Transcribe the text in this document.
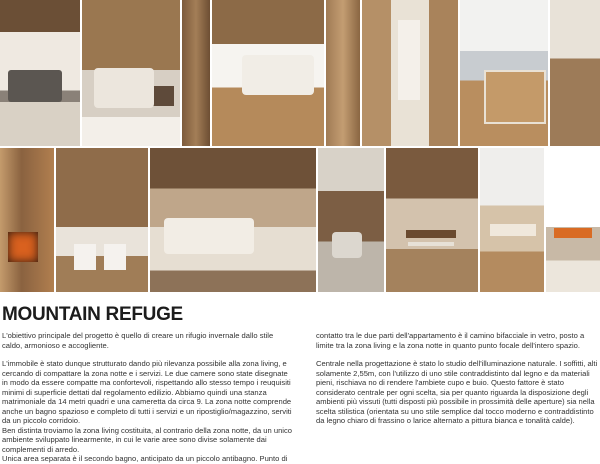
MOUNTAIN REFUGE

L'obiettivo principale del progetto è quello di creare un rifugio invernale dallo stile caldo, armonioso e accogliente.

L'immobile è stato dunque strutturato dando più rilevanza possibile alla zona living, e cercando di compattare la zona notte e i servizi. Le due camere sono state disegnate in modo da essere compatte ma confortevoli, rispettando allo stesso tempo i reuquisiti minimi di superficie dettati dal regolamento edilizio. Abbiamo quindi una stanza matrimoniale da 14 metri quadri e una cameretta da circa 9. La zona notte comprende anche un bagno spazioso e completo di tutti i servizi e un ripostiglio/magazzino, serviti da un piccolo corridoio.

Ben distinta troviamo la zona living costituita, al contrario della zona notte, da un unico ambiente sviluppato linearmente, in cui le varie aree sono divise solamente dai complementi di arredo.

Unica area separata è il secondo bagno, anticipato da un piccolo antibagno. Punto di

contatto tra le due parti dell'appartamento è il camino bifacciale in vetro, posto a limite tra la zona living e la zona notte in quanto punto focale dell'intero spazio.

Centrale nella progettazione è stato lo studio dell'illuminazione naturale. I soffitti, alti solamente 2,55m, con l'utilizzo di uno stile contraddistinto dal legno e da materiali pieni, rischiava no di rendere l'ambiete cupo e buio. Questo fattore è stato considerato centrale per ogni scelta, sia per quanto riguarda la disposizione degli ambienti più vissuti (tutti disposti più possibile in prossimità delle aperture) sia nella scelta stilistica (orientata su uno stile semplice dal tocco moderno e contraddistinto da legno chiaro di frassino o larice alternato a pittura bianca e tonalità calde).
